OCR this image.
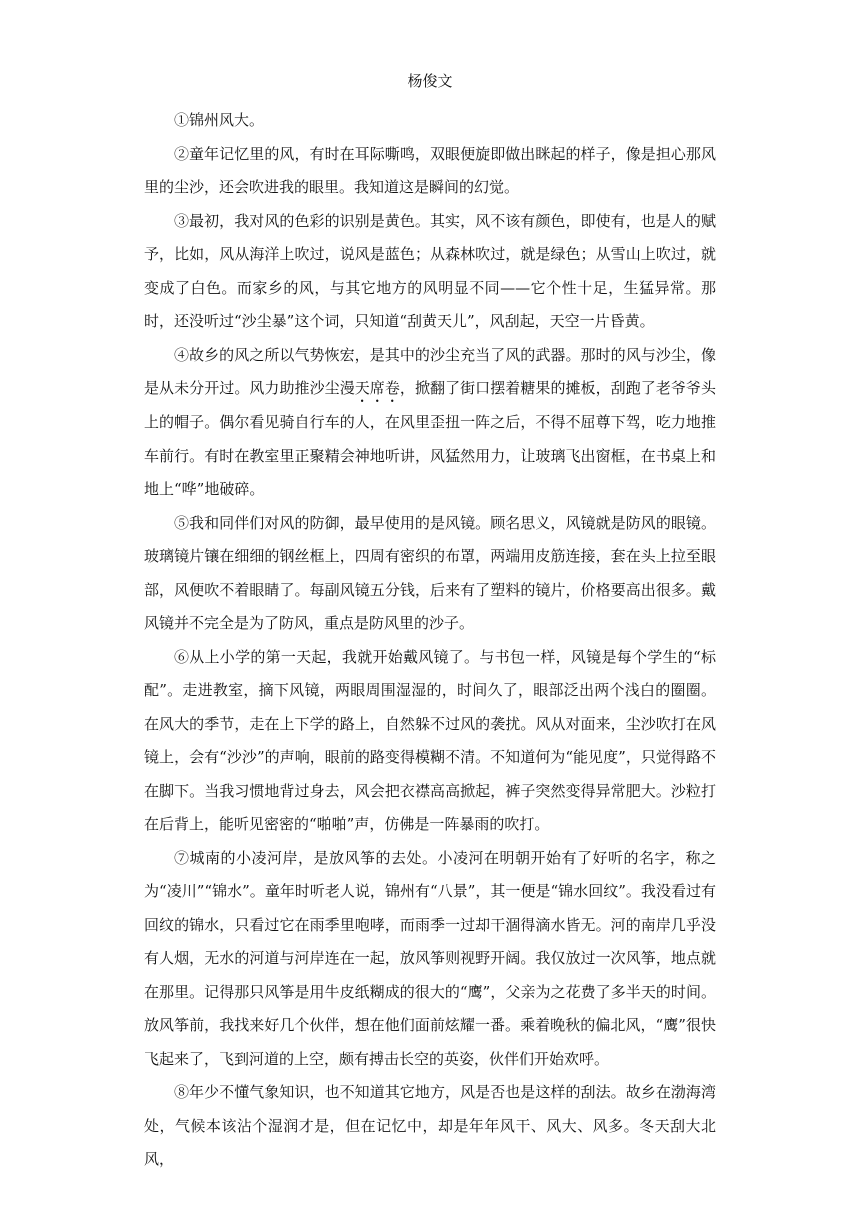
杨俊文

①锦州风大。

②童年记忆里的风，有时在耳际嘶鸣，双眼便旋即做出眯起的样子，像是担心那风里的尘沙，还会吹进我的眼里。我知道这是瞬间的幻觉。

③最初，我对风的色彩的识别是黄色。其实，风不该有颜色，即使有，也是人的赋予，比如，风从海洋上吹过，说风是蓝色；从森林吹过，就是绿色；从雪山上吹过，就变成了白色。而家乡的风，与其它地方的风明显不同——它个性十足，生猛异常。那时，还没听过“沙尘暴”这个词，只知道“刮黄天儿”，风刮起，天空一片昏黄。

④故乡的风之所以气势恢宏，是其中的沙尘充当了风的武器。那时的风与沙尘，像是从未分开过。风力助推沙尘漫天席卷，掀翻了街口摆着糖果的摊板，刮跑了老爷爷头上的帽子。偶尔看见骑自行车的人，在风里歪扭一阵之后，不得不屈尊下驾，吃力地推车前行。有时在教室里正聚精会神地听讲，风猛然用力，让玻璃飞出窗框，在书桌上和地上“哗”地破碎。

⑤我和同伴们对风的防御，最早使用的是风镜。顾名思义，风镜就是防风的眼镜。玻璃镜片镶在细细的钢丝框上，四周有密织的布罩，两端用皮筋连接，套在头上拉至眼部，风便吹不着眼睛了。每副风镜五分钱，后来有了塑料的镜片，价格要高出很多。戴风镜并不完全是为了防风，重点是防风里的沙子。

⑥从上小学的第一天起，我就开始戴风镜了。与书包一样，风镜是每个学生的“标配”。走进教室，摘下风镜，两眼周围湿湿的，时间久了，眼部泛出两个浅白的圈圈。在风大的季节，走在上下学的路上，自然躲不过风的袭扰。风从对面来，尘沙吹打在风镜上，会有“沙沙”的声响，眼前的路变得模糊不清。不知道何为“能见度”，只觉得路不在脚下。当我习惯地背过身去，风会把衣襟高高掀起，裤子突然变得异常肥大。沙粒打在后背上，能听见密密的“啪啪”声，仿佛是一阵暴雨的吹打。

⑦城南的小凌河岸，是放风筝的去处。小凌河在明朝开始有了好听的名字，称之为“凌川”“锦水”。童年时听老人说，锦州有“八景”，其一便是“锦水回纹”。我没看过有回纹的锦水，只看过它在雨季里咆哮，而雨季一过却干涸得滴水皆无。河的南岸几乎没有人烟，无水的河道与河岸连在一起，放风筝则视野开阔。我仅放过一次风筝，地点就在那里。记得那只风筝是用牛皮纸糊成的很大的“鹰”，父亲为之花费了多半天的时间。放风筝前，我找来好几个伙伴，想在他们面前炫耀一番。乘着晚秋的偏北风，“鹰”很快飞起来了，飞到河道的上空，颇有搏击长空的英姿，伙伴们开始欢呼。

⑧年少不懂气象知识，也不知道其它地方，风是否也是这样的刮法。故乡在渤海湾处，气候本该沾个湿润才是，但在记忆中，却是年年风干、风大、风多。冬天刮大北风，
